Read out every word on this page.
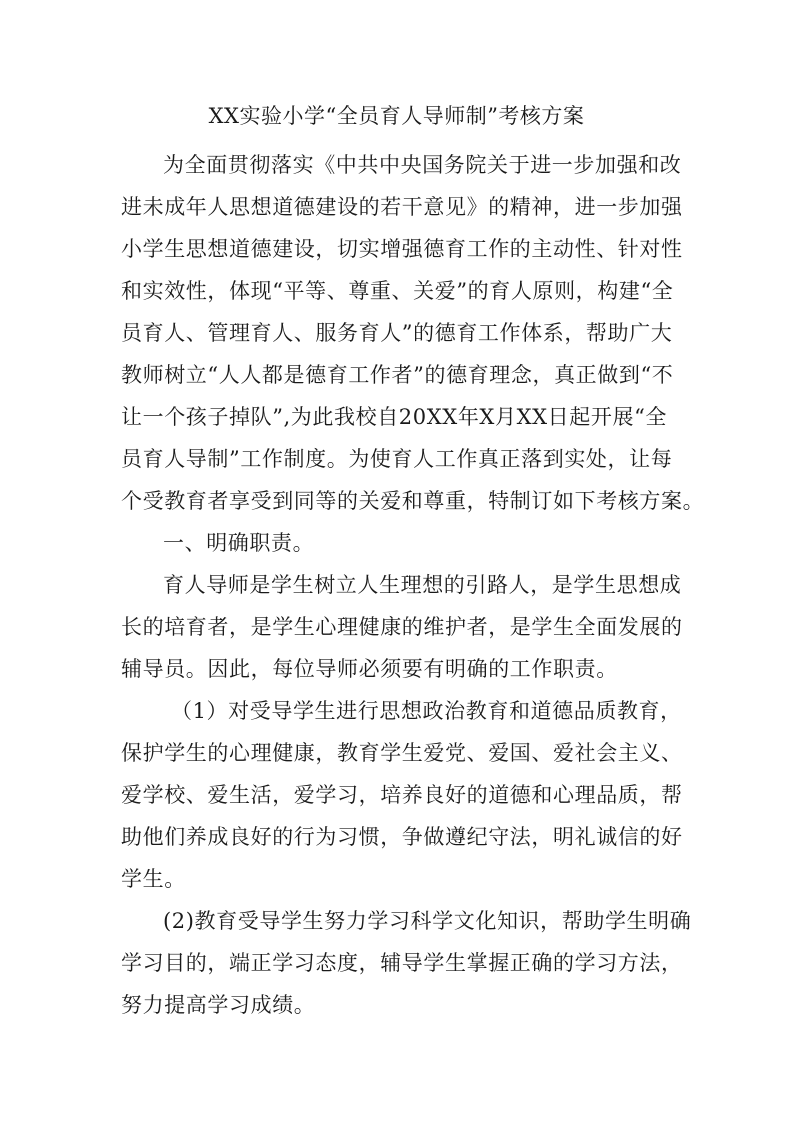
XX实验小学“全员育人导师制”考核方案
为全面贯彻落实《中共中央国务院关于进一步加强和改
进未成年人思想道德建设的若干意见》的精神，进一步加强
小学生思想道德建设，切实增强德育工作的主动性、针对性
和实效性，体现“平等、尊重、关爱”的育人原则，构建“全
员育人、管理育人、服务育人”的德育工作体系，帮助广大
教师树立“人人都是德育工作者”的德育理念，真正做到“不
让一个孩子掉队”,为此我校自20XX年X月XX日起开展“全
员育人导制”工作制度。为使育人工作真正落到实处，让每
个受教育者享受到同等的关爱和尊重，特制订如下考核方案。
一、明确职责。
育人导师是学生树立人生理想的引路人，是学生思想成
长的培育者，是学生心理健康的维护者，是学生全面发展的
辅导员。因此，每位导师必须要有明确的工作职责。
（1）对受导学生进行思想政治教育和道德品质教育，
保护学生的心理健康，教育学生爱党、爱国、爱社会主义、
爱学校、爱生活，爱学习，培养良好的道德和心理品质，帮
助他们养成良好的行为习惯，争做遵纪守法，明礼诚信的好
学生。
(2)教育受导学生努力学习科学文化知识，帮助学生明确
学习目的，端正学习态度，辅导学生掌握正确的学习方法，
努力提高学习成绩。
